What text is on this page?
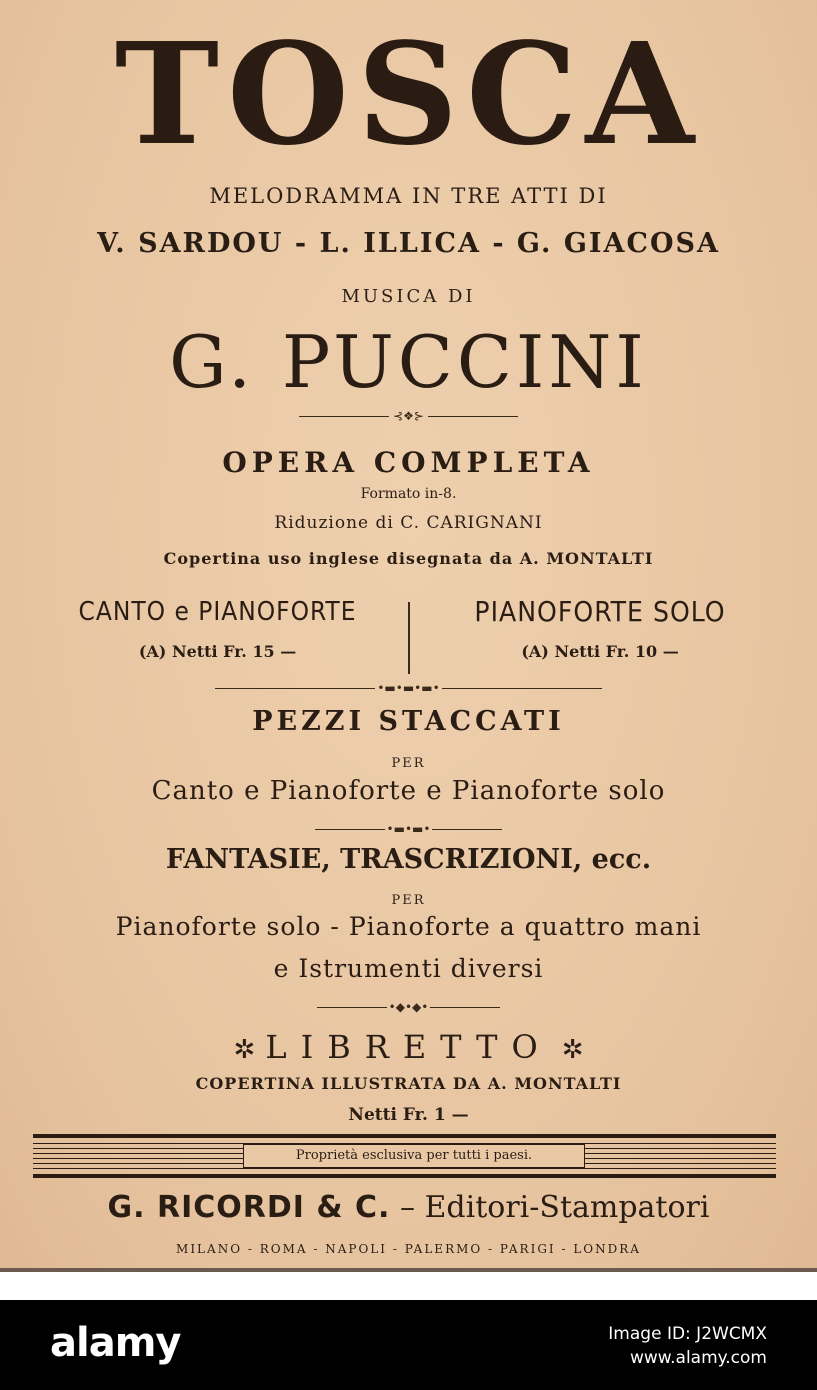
TOSCA
MELODRAMMA IN TRE ATTI DI
V. SARDOU - L. ILLICA - G. GIACOSA
MUSICA DI
G. PUCCINI
⊰❖⊱
OPERA COMPLETA
Formato in-8.
Riduzione di C. CARIGNANI
Copertina uso inglese disegnata da A. MONTALTI
CANTO e PIANOFORTE
(A) Netti Fr. 15 —
PIANOFORTE SOLO
(A) Netti Fr. 10 —
•▬•▬•▬•
PEZZI STACCATI
PER
Canto e Pianoforte e Pianoforte solo
•▬•▬•
FANTASIE, TRASCRIZIONI, ecc.
PER
Pianoforte solo - Pianoforte a quattro mani
e Istrumenti diversi
•◆•◆•
✲ LIBRETTO ✲
COPERTINA ILLUSTRATA DA A. MONTALTI
Netti Fr. 1 —
Proprietà esclusiva per tutti i paesi.
G. RICORDI & C. – Editori-Stampatori
MILANO - ROMA - NAPOLI - PALERMO - PARIGI - LONDRA
alamy	Image ID: J2WCMX
www.alamy.com
